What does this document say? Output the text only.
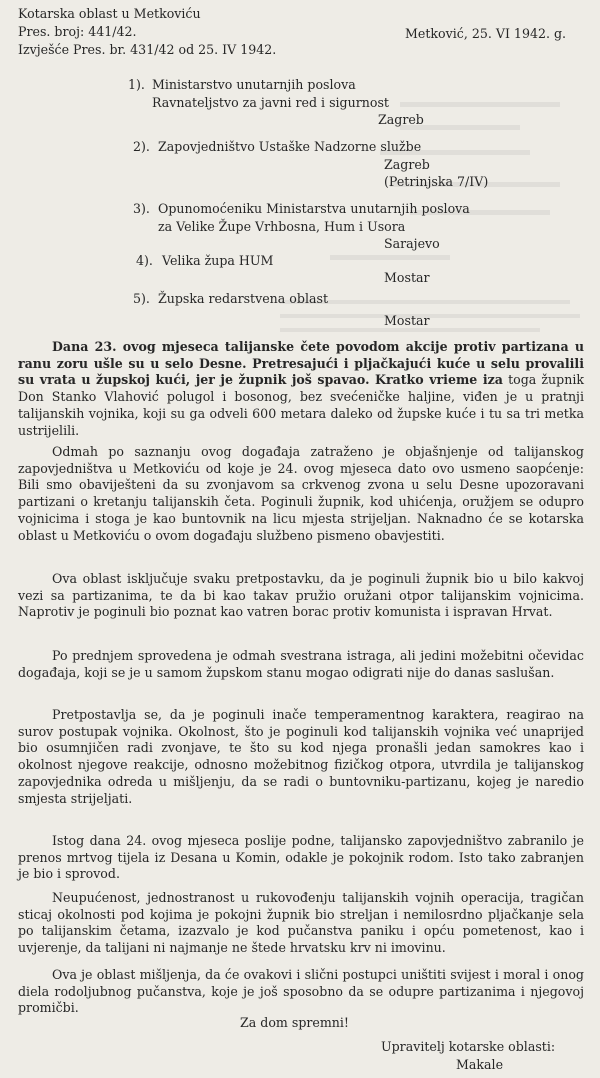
Kotarska oblast u Metkoviću
Pres. broj: 441/42.	Metković, 25. VI 1942. g.
Izvješće Pres. br. 431/42 od 25. IV 1942.
1). Ministarstvo unutarnjih poslova
Ravnateljstvo za javni red i sigurnost
Zagreb
2). Zapovjedništvo Ustaške Nadzorne službe
Zagreb
(Petrinjska 7/IV)
3). Opunomoćeniku Ministarstva unutarnjih poslova
za Velike Župe Vrhbosna, Hum i Usora
Sarajevo
4). Velika župa HUM
Mostar
5). Župska redarstvena oblast
Mostar
Dana 23. ovog mjeseca talijanske čete povodom akcije protiv partizana u ranu zoru ušle su u selo Desne. Pretresajući i pljačkajući kuće u selu provalili su vrata u župskoj kući, jer je župnik još spavao. Kratko vrieme iza toga župnik Don Stanko Vlahović polugol i bosonog, bez svećeničke haljine, viđen je u pratnji talijanskih vojnika, koji su ga odveli 600 metara daleko od župske kuće i tu sa tri metka ustrijelili.
Odmah po saznanju ovog događaja zatraženo je objašnjenje od talijanskog zapovjedništva u Metkoviću od koje je 24. ovog mjeseca dato ovo usmeno saopćenje: Bili smo obaviješteni da su zvonjavom sa crkvenog zvona u selu Desne upozoravani partizani o kretanju talijanskih četa. Poginuli župnik, kod uhićenja, oružjem se odupro vojnicima i stoga je kao buntovnik na licu mjesta strijeljan. Naknadno će se kotarska oblast u Metkoviću o ovom događaju službeno pismeno obavjestiti.
Ova oblast isključuje svaku pretpostavku, da je poginuli župnik bio u bilo kakvoj vezi sa partizanima, te da bi kao takav pružio oružani otpor talijanskim vojnicima. Naprotiv je poginuli bio poznat kao vatren borac protiv komunista i ispravan Hrvat.
Po prednjem sprovedena je odmah svestrana istraga, ali jedini možebitni očevidac događaja, koji se je u samom župskom stanu mogao odigrati nije do danas saslušan.
Pretpostavlja se, da je poginuli inače temperamentnog karaktera, reagirao na surov postupak vojnika. Okolnost, što je poginuli kod talijanskih vojnika već unaprijed bio osumnjičen radi zvonjave, te što su kod njega pronašli jedan samokres kao i okolnost njegove reakcije, odnosno možebitnog fizičkog otpora, utvrdila je talijanskog zapovjednika odreda u mišljenju, da se radi o buntovniku-partizanu, kojeg je naredio smjesta strijeljati.
Istog dana 24. ovog mjeseca poslije podne, talijansko zapovjedništvo zabranilo je prenos mrtvog tijela iz Desana u Komin, odakle je pokojnik rodom. Isto tako zabranjen je bio i sprovod.
Neupućenost, jednostranost u rukovođenju talijanskih vojnih operacija, tragičan sticaj okolnosti pod kojima je pokojni župnik bio streljan i nemilosrdno pljačkanje sela po talijanskim četama, izazvalo je kod pučanstva paniku i opću pometenost, kao i uvjerenje, da talijani ni najmanje ne štede hrvatsku krv ni imovinu.
Ova je oblast mišljenja, da će ovakovi i slični postupci uništiti svijest i moral i onog diela rodoljubnog pučanstva, koje je još sposobno da se odupre partizanima i njegovoj promičbi.
Za dom spremni!
Upravitelj kotarske oblasti:
Makale
